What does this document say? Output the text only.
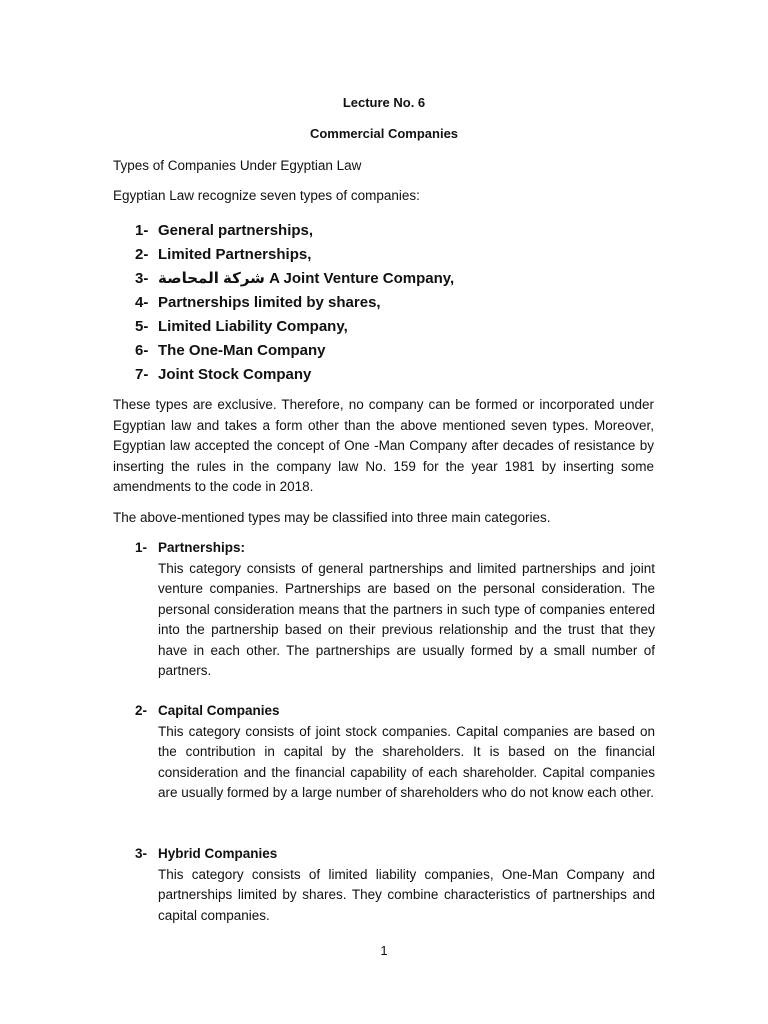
Lecture No. 6
Commercial Companies
Types of Companies Under Egyptian Law
Egyptian Law recognize seven types of companies:
1- General partnerships,
2- Limited Partnerships,
3- شركة المحاصة A Joint Venture Company,
4- Partnerships limited by shares,
5- Limited Liability Company,
6- The One-Man Company
7- Joint Stock Company

These types are exclusive. Therefore, no company can be formed or incorporated under Egyptian law and takes a form other than the above mentioned seven types. Moreover, Egyptian law accepted the concept of One -Man Company after decades of resistance by inserting the rules in the company law No. 159 for the year 1981 by inserting some amendments to the code in 2018.

The above-mentioned types may be classified into three main categories.

1- Partnerships:
This category consists of general partnerships and limited partnerships and joint venture companies. Partnerships are based on the personal consideration. The personal consideration means that the partners in such type of companies entered into the partnership based on their previous relationship and the trust that they have in each other. The partnerships are usually formed by a small number of partners.
2- Capital Companies
This category consists of joint stock companies. Capital companies are based on the contribution in capital by the shareholders. It is based on the financial consideration and the financial capability of each shareholder. Capital companies are usually formed by a large number of shareholders who do not know each other.
3- Hybrid Companies
This category consists of limited liability companies, One-Man Company and partnerships limited by shares. They combine characteristics of partnerships and capital companies.
1
